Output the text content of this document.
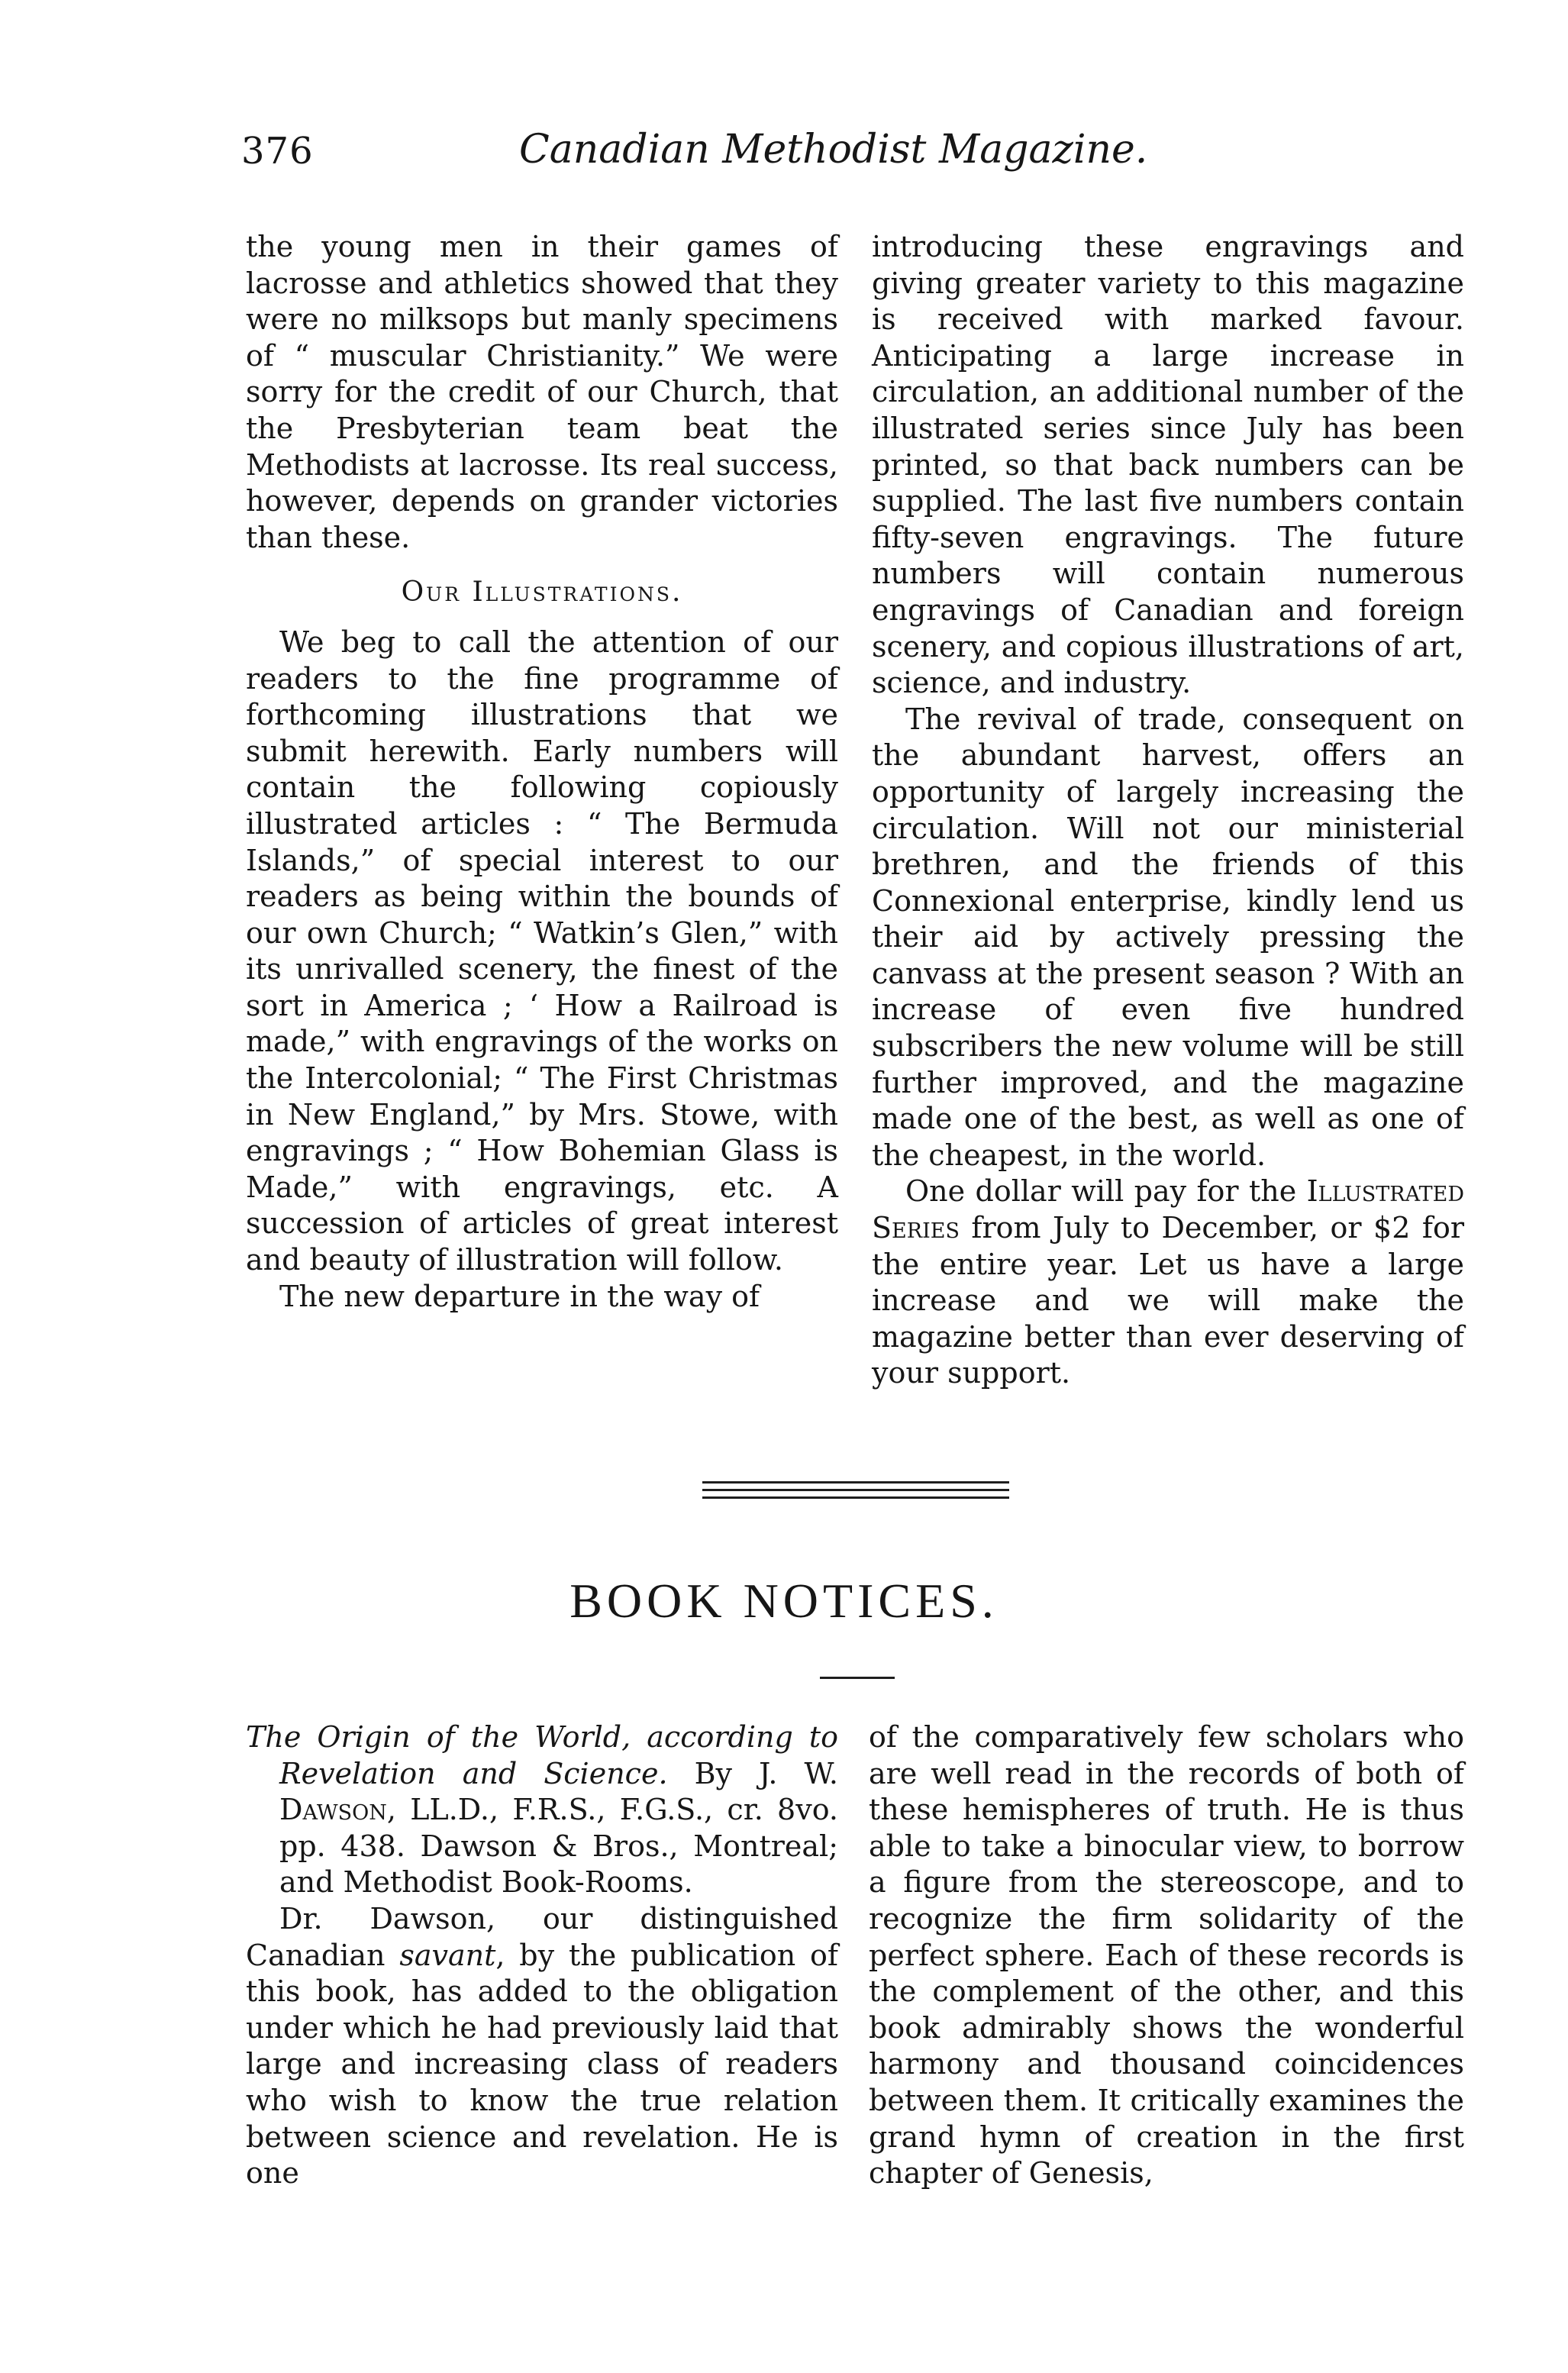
376	Canadian Methodist Magazine.

the young men in their games of lacrosse and athletics showed that they were no milksops but manly specimens of “ muscular Christianity.” We were sorry for the credit of our Church, that the Presbyterian team beat the Methodists at lacrosse. Its real success, however, depends on grander victories than these.

Our Illustrations.

We beg to call the attention of our readers to the fine programme of forthcoming illustrations that we submit herewith. Early numbers will contain the following copiously illustrated articles : “ The Bermuda Islands,” of special interest to our readers as being within the bounds of our own Church; “ Watkin’s Glen,” with its unrivalled scenery, the finest of the sort in America ; ‘ How a Railroad is made,” with engravings of the works on the Intercolonial; “ The First Christmas in New England,” by Mrs. Stowe, with engravings ; “ How Bohemian Glass is Made,” with engravings, etc. A succession of articles of great interest and beauty of illustration will follow.

The new departure in the way of

introducing these engravings and giving greater variety to this magazine is received with marked favour. Anticipating a large increase in circulation, an additional number of the illustrated series since July has been printed, so that back numbers can be supplied. The last five numbers contain fifty-seven engravings. The future numbers will contain numerous engravings of Canadian and foreign scenery, and copious illustrations of art, science, and industry.

The revival of trade, consequent on the abundant harvest, offers an opportunity of largely increasing the circulation. Will not our ministerial brethren, and the friends of this Connexional enterprise, kindly lend us their aid by actively pressing the canvass at the present season ? With an increase of even five hundred subscribers the new volume will be still further improved, and the magazine made one of the best, as well as one of the cheapest, in the world.

One dollar will pay for the Illustrated Series from July to December, or $2 for the entire year. Let us have a large increase and we will make the magazine better than ever deserving of your support.

BOOK NOTICES.

The Origin of the World, according to Revelation and Science. By J. W. Dawson, LL.D., F.R.S., F.G.S., cr. 8vo. pp. 438. Dawson & Bros., Montreal; and Methodist Book-Rooms.

Dr. Dawson, our distinguished Canadian savant, by the publication of this book, has added to the obligation under which he had previously laid that large and increasing class of readers who wish to know the true relation between science and revelation. He is one

of the comparatively few scholars who are well read in the records of both of these hemispheres of truth. He is thus able to take a binocular view, to borrow a figure from the stereoscope, and to recognize the firm solidarity of the perfect sphere. Each of these records is the complement of the other, and this book admirably shows the wonderful harmony and thousand coincidences between them. It critically examines the grand hymn of creation in the first chapter of Genesis,
